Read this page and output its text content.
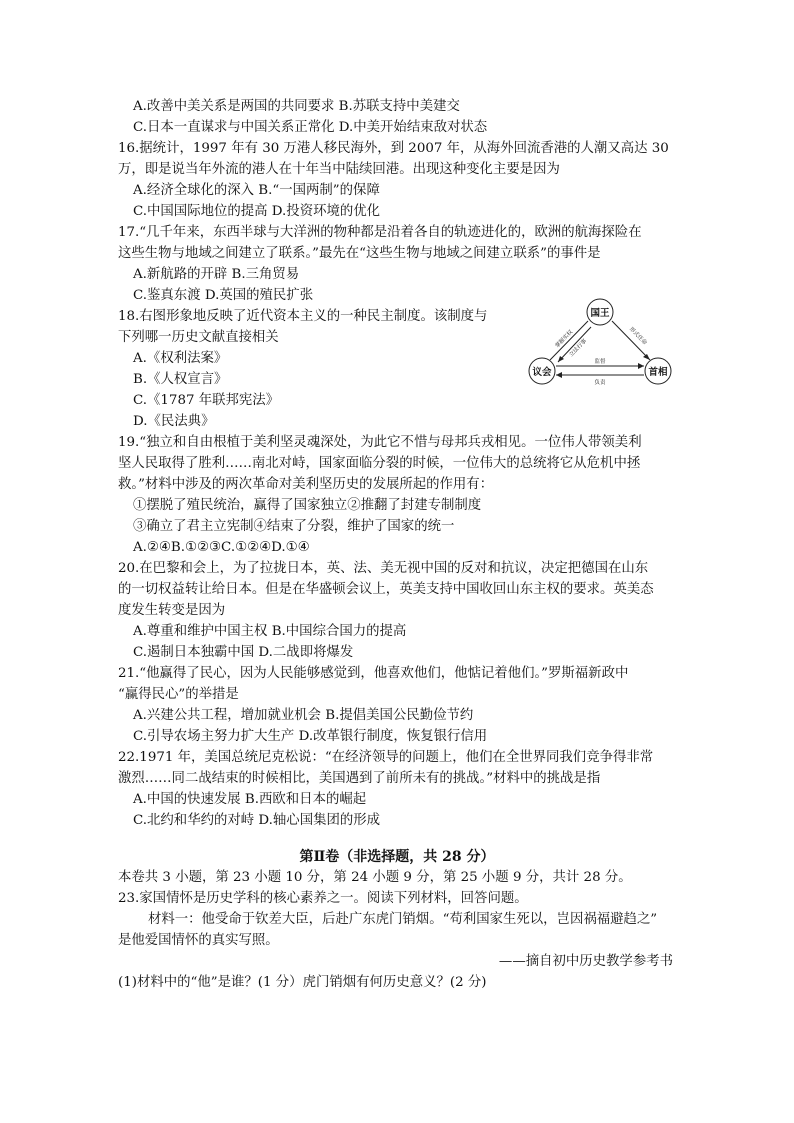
A.改善中美关系是两国的共同要求 B.苏联支持中美建交
C.日本一直谋求与中国关系正常化 D.中美开始结束敌对状态
16.据统计，1997 年有 30 万港人移民海外，到 2007 年，从海外回流香港的人潮又高达 30
万，即是说当年外流的港人在十年当中陆续回港。出现这种变化主要是因为
A.经济全球化的深入 B.“一国两制”的保障
C.中国国际地位的提高 D.投资环境的优化
17.“几千年来，东西半球与大洋洲的物种都是沿着各自的轨迹进化的，欧洲的航海探险在
这些生物与地域之间建立了联系。”最先在“这些生物与地域之间建立联系”的事件是
A.新航路的开辟 B.三角贸易
C.鉴真东渡 D.英国的殖民扩张
18.右图形象地反映了近代资本主义的一种民主制度。该制度与
下列哪一历史文献直接相关
A.《权利法案》
B.《人权宣言》
C.《1787 年联邦宪法》
D.《民法典》
国王
议会	首相
掌握实权
立法行事
形式任命
监督
负责
19.“独立和自由根植于美利坚灵魂深处，为此它不惜与母邦兵戎相见。一位伟人带领美利
坚人民取得了胜利……南北对峙，国家面临分裂的时候，一位伟大的总统将它从危机中拯
救。”材料中涉及的两次革命对美利坚历史的发展所起的作用有：
①摆脱了殖民统治，赢得了国家独立②推翻了封建专制制度
③确立了君主立宪制④结束了分裂，维护了国家的统一
A.②④B.①②③C.①②④D.①④
20.在巴黎和会上，为了拉拢日本，英、法、美无视中国的反对和抗议，决定把德国在山东
的一切权益转让给日本。但是在华盛顿会议上，英美支持中国收回山东主权的要求。英美态
度发生转变是因为
A.尊重和维护中国主权 B.中国综合国力的提高
C.遏制日本独霸中国 D.二战即将爆发
21.“他赢得了民心，因为人民能够感觉到，他喜欢他们，他惦记着他们。”罗斯福新政中
“赢得民心”的举措是
A.兴建公共工程，增加就业机会 B.提倡美国公民勤俭节约
C.引导农场主努力扩大生产 D.改革银行制度，恢复银行信用
22.1971 年，美国总统尼克松说：“在经济领导的问题上，他们在全世界同我们竞争得非常
激烈……同二战结束的时候相比，美国遇到了前所未有的挑战。”材料中的挑战是指
A.中国的快速发展 B.西欧和日本的崛起
C.北约和华约的对峙 D.轴心国集团的形成
第Ⅱ卷（非选择题，共 28 分）
本卷共 3 小题，第 23 小题 10 分，第 24 小题 9 分，第 25 小题 9 分，共计 28 分。
23.家国情怀是历史学科的核心素养之一。阅读下列材料，回答问题。
材料一：他受命于钦差大臣，后赴广东虎门销烟。“苟利国家生死以，岂因祸福避趋之”
是他爱国情怀的真实写照。
——摘自初中历史教学参考书
(1)材料中的“他”是谁？(1 分）虎门销烟有何历史意义？(2 分)
